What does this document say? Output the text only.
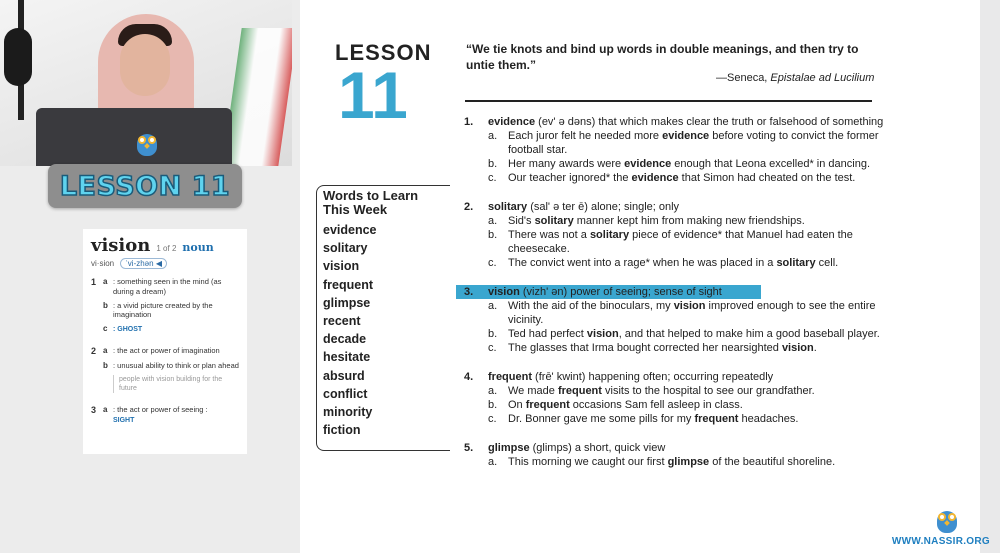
LESSON 11
vision 1 of 2 noun
vi·sion	ˈvi-zhən ◀
1 a : something seen in the mind (as during a dream)
b : a vivid picture created by the imagination
c : GHOST
2 a : the act or power of imagination
b : unusual ability to think or plan ahead
people with vision building for the future
3 a : the act or power of seeing :
SIGHT
LESSON
11
“We tie knots and bind up words in double meanings, and then try to untie them.”
—Seneca, Epistalae ad Lucilium
Words to Learn This Week
evidence
solitary
vision
frequent
glimpse
recent
decade
hesitate
absurd
conflict
minority
fiction
1.	evidence (ev' ə dəns) that which makes clear the truth or falsehood of something
a. Each juror felt he needed more evidence before voting to convict the former football star.
b. Her many awards were evidence enough that Leona excelled* in dancing.
c.	Our teacher ignored* the evidence that Simon had cheated on the test.
2.	solitary (sal' ə ter ē) alone; single; only
a. Sid's solitary manner kept him from making new friendships.
b. There was not a solitary piece of evidence* that Manuel had eaten the cheesecake.
c.	The convict went into a rage* when he was placed in a solitary cell.
3.	vision (vizh' ən) power of seeing; sense of sight
a. With the aid of the binoculars, my vision improved enough to see the entire vicinity.
b. Ted had perfect vision, and that helped to make him a good baseball player.
c.	The glasses that Irma bought corrected her nearsighted vision.
4.	frequent (frē' kwint) happening often; occurring repeatedly
a. We made frequent visits to the hospital to see our grandfather.
b. On frequent occasions Sam fell asleep in class.
c.	Dr. Bonner gave me some pills for my frequent headaches.
5.	glimpse (glimps) a short, quick view
a. This morning we caught our first glimpse of the beautiful shoreline.
WWW.NASSIR.ORG
